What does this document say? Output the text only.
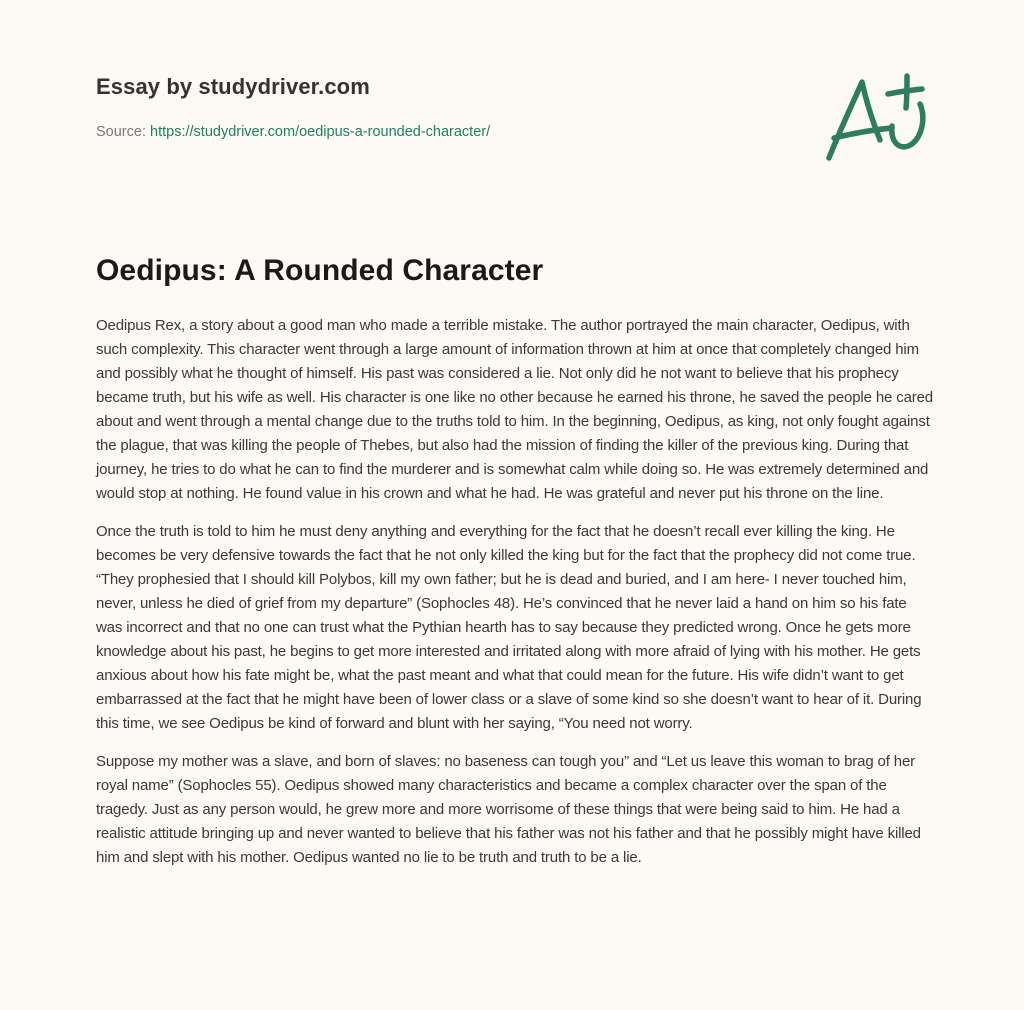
Essay by studydriver.com
Source: https://studydriver.com/oedipus-a-rounded-character/
Oedipus: A Rounded Character

Oedipus Rex, a story about a good man who made a terrible mistake. The author portrayed the main character, Oedipus, with such complexity. This character went through a large amount of information thrown at him at once that completely changed him and possibly what he thought of himself. His past was considered a lie. Not only did he not want to believe that his prophecy became truth, but his wife as well. His character is one like no other because he earned his throne, he saved the people he cared about and went through a mental change due to the truths told to him. In the beginning, Oedipus, as king, not only fought against the plague, that was killing the people of Thebes, but also had the mission of finding the killer of the previous king. During that journey, he tries to do what he can to find the murderer and is somewhat calm while doing so. He was extremely determined and would stop at nothing. He found value in his crown and what he had. He was grateful and never put his throne on the line.

Once the truth is told to him he must deny anything and everything for the fact that he doesn’t recall ever killing the king. He becomes be very defensive towards the fact that he not only killed the king but for the fact that the prophecy did not come true. “They prophesied that I should kill Polybos, kill my own father; but he is dead and buried, and I am here- I never touched him, never, unless he died of grief from my departure” (Sophocles 48). He’s convinced that he never laid a hand on him so his fate was incorrect and that no one can trust what the Pythian hearth has to say because they predicted wrong. Once he gets more knowledge about his past, he begins to get more interested and irritated along with more afraid of lying with his mother. He gets anxious about how his fate might be, what the past meant and what that could mean for the future. His wife didn’t want to get embarrassed at the fact that he might have been of lower class or a slave of some kind so she doesn’t want to hear of it. During this time, we see Oedipus be kind of forward and blunt with her saying, “You need not worry.

Suppose my mother was a slave, and born of slaves: no baseness can tough you” and “Let us leave this woman to brag of her royal name” (Sophocles 55). Oedipus showed many characteristics and became a complex character over the span of the tragedy. Just as any person would, he grew more and more worrisome of these things that were being said to him. He had a realistic attitude bringing up and never wanted to believe that his father was not his father and that he possibly might have killed him and slept with his mother. Oedipus wanted no lie to be truth and truth to be a lie.
